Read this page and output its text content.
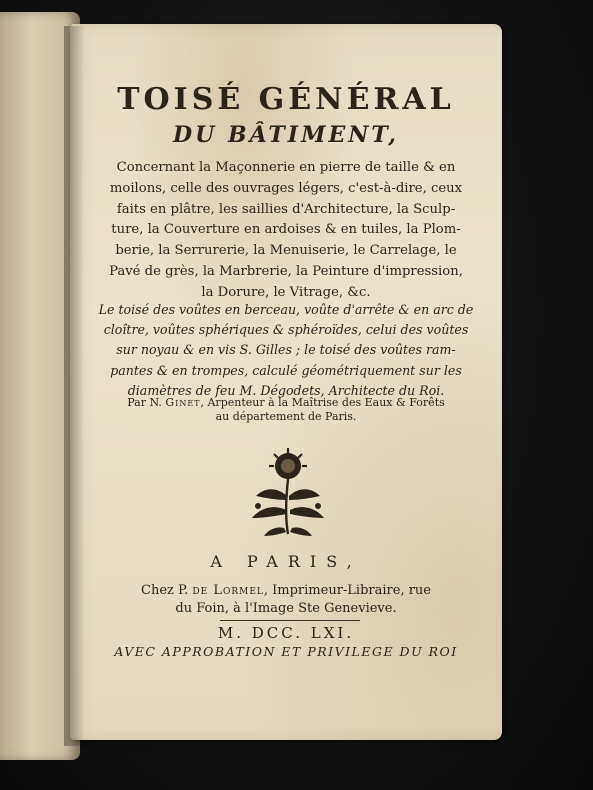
TOISÉ GÉNÉRAL
DU BÂTIMENT,
Concernant la Maçonnerie en pierre de taille & en
moilons, celle des ouvrages légers, c'est-à-dire, ceux
faits en plâtre, les saillies d'Architecture, la Sculp-
ture, la Couverture en ardoises & en tuiles, la Plom-
berie, la Serrurerie, la Menuiserie, le Carrelage, le
Pavé de grès, la Marbrerie, la Peinture d'impression,
la Dorure, le Vitrage, &c.
Le toisé des voûtes en berceau, voûte d'arrête & en arc de
cloître, voûtes sphériques & sphéroïdes, celui des voûtes
sur noyau & en vis S. Gilles ; le toisé des voûtes ram-
pantes & en trompes, calculé géométriquement sur les
diamètres de feu M. Dégodets, Architecte du Roi.
Par N. Ginet, Arpenteur à la Maîtrise des Eaux & Forêts
au département de Paris.
A PARIS,
Chez P. de Lormel, Imprimeur-Libraire, rue
du Foin, à l'Image Ste Genevieve.
M. DCC. LXI.
AVEC APPROBATION ET PRIVILEGE DU ROI
